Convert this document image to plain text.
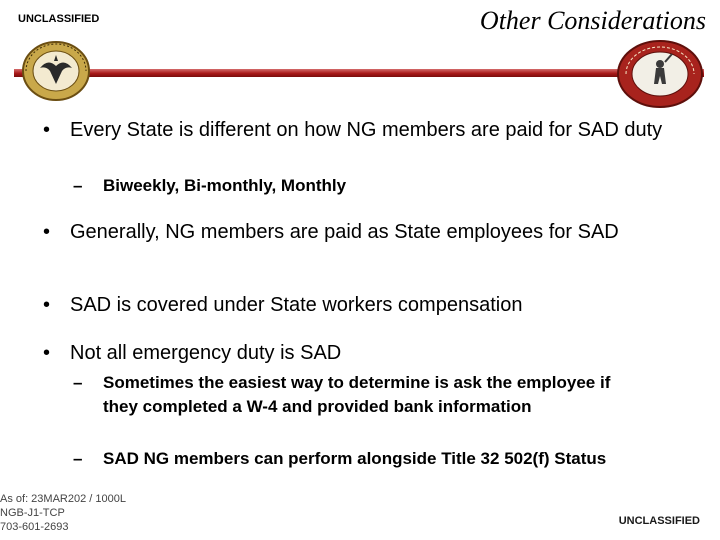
UNCLASSIFIED	Other Considerations
• Every State is different on how NG members are paid for SAD duty
– Biweekly, Bi-monthly, Monthly
• Generally, NG members are paid as State employees for SAD
• SAD is covered under State workers compensation
• Not all emergency duty is SAD
– Sometimes the easiest way to determine is ask the employee if they completed a W-4 and provided bank information
– SAD NG members can perform alongside Title 32 502(f) Status
As of: 23MAR202 / 1000L
NGB-J1-TCP
703-601-2693	UNCLASSIFIED
